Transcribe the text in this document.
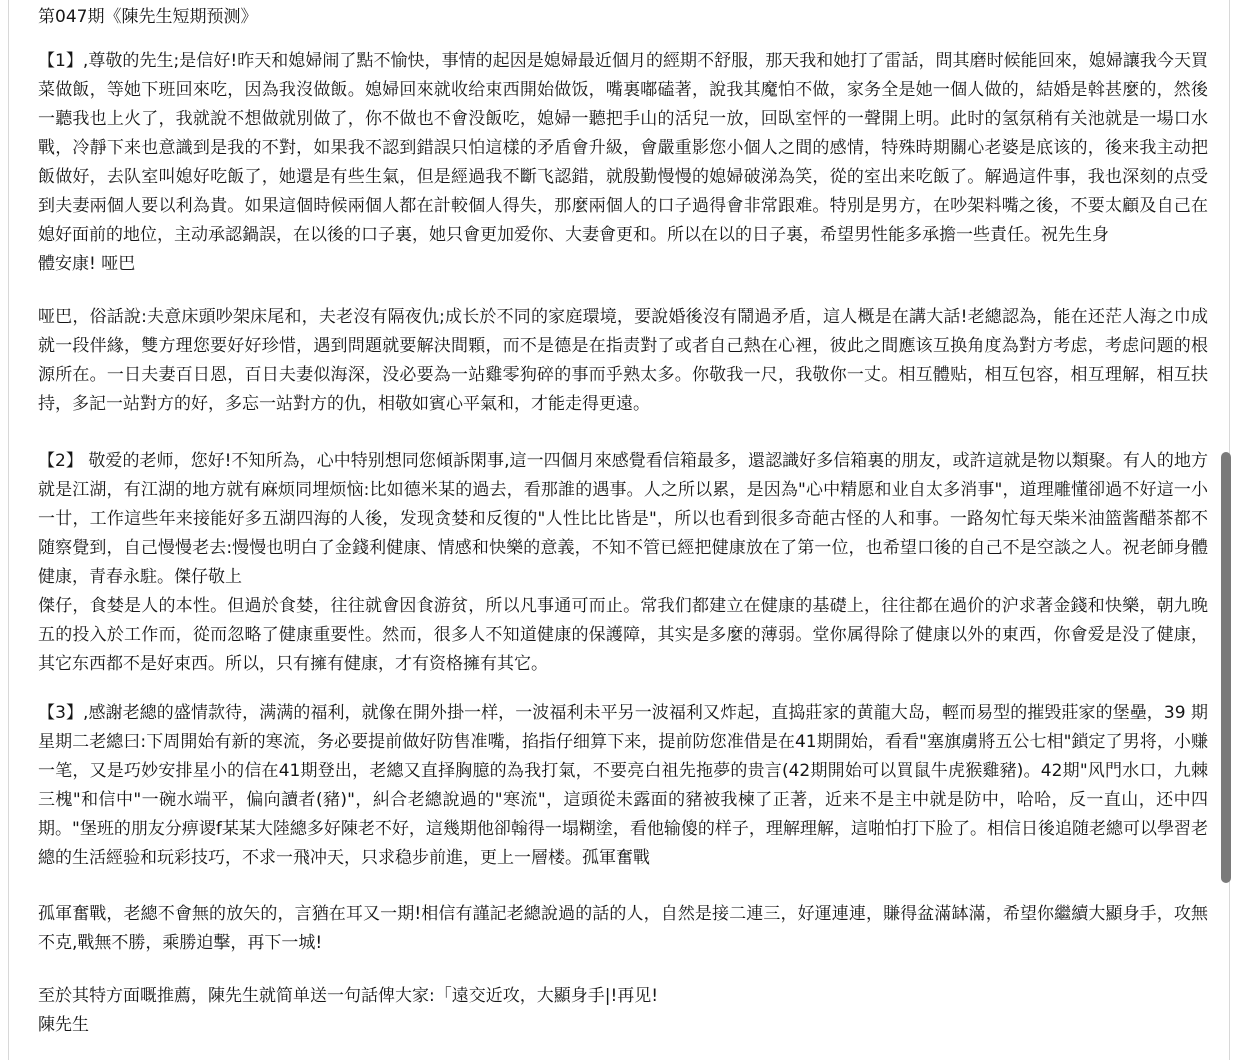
第047期《陳先生短期预测》

【1】,尊敬的先生;是信好!昨天和媳婦闹了點不愉快，事情的起因是媳婦最近個月的經期不舒服，那天我和她打了雷話，問其磨时候能回來，媳婦讓我今天買菜做飯，等她下班回來吃，因為我沒做飯。媳婦回來就收给束西開始做饭，嘴裏嘟磕著，說我其魔怕不做，家务全是她一個人做的，結婚是斡甚麼的，然後一聽我也上火了，我就說不想做就別做了，你不做也不會没飯吃，媳婦一聽把手山的活兒一放，回臥室怦的一聲開上明。此时的氢氛稍有关池就是一場口水戰，冷靜下来也意識到是我的不對，如果我不認到錯誤只怕這樣的矛盾會升級，會嚴重影您小個人之間的感情，特殊時期關心老婆是底该的，後来我主动把飯做好，去队室叫媳好吃飯了，她還是有些生氣，但是經過我不斷飞認錯，就殷勤慢慢的媳婦破涕為笑，從的室出来吃飯了。解過這件事，我也深刻的点受到夫妻兩個人要以利為貴。如果這個時候兩個人都在計較個人得失，那麼兩個人的口子過得會非常跟难。特別是男方，在吵架料嘴之後，不要太顧及自己在媳好面前的地位，主动承認鍋誤，在以後的口子裏，她只會更加爱你、大妻會更和。所以在以的日子裏，希望男性能多承擔一些責任。祝先生身

體安康! 哑巴

哑巴，俗話說:夫意床頭吵架床尾和，夫老沒有隔夜仇;成长於不同的家庭環境，要說婚後沒有鬧過矛盾，這人概是在講大話!老總認為，能在还茫人海之巾成就一段伴緣，雙方理您要好好珍惜，遇到問題就要解決間顆，而不是德是在指责對了或者自己熱在心裡，彼此之間應该互换角度為對方考虑，考虑问题的根源所在。一日夫妻百日恩，百日夫妻似海深，没必要為一站雞零狗碎的事而乎熟太多。你敬我一尺，我敬你一丈。相互體贴，相互包容，相互理解，相互扶持，多記一站對方的好，多忘一站對方的仇，相敬如賓心平氣和，才能走得更遠。

【2】 敬爱的老师，您好!不知所為，心中特别想同您傾訴閑事,這一四個月來感覺看信箱最多，還認識好多信箱裏的朋友，或許這就是物以類聚。有人的地方就是江湖，有江湖的地方就有麻烦同埋烦恼:比如德米某的過去，看那誰的遇事。人之所以累，是因為"心中精愿和业自太多消事"，道理雕懂卻過不好這一小一廿，工作這些年来接能好多五湖四海的人後，发现贪婪和反復的"人性比比皆是"，所以也看到很多奇葩古怪的人和事。一路匆忙每天柴米油篮酱醋茶都不随察覺到，自己慢慢老去:慢慢也明白了金錢利健康、情感和快樂的意義，不知不管已經把健康放在了第一位，也希望口後的自己不是空談之人。祝老師身體健康，青春永駐。傑仔敬上

傑仔，食婪是人的本性。但過於食婪，往往就會因食游贫，所以凡事通可而止。常我们都建立在健康的基礎上，往往都在過价的沪求著金錢和快樂，朝九晚五的投入於工作而，從而忽略了健康重要性。然而，很多人不知道健康的保護障，其实是多麼的薄弱。堂你属得除了健康以外的東西，你會爱是没了健康，其它东西都不是好束西。所以，只有擁有健康，才有资格擁有其它。

【3】,感謝老總的盛情款待，满满的福利，就像在開外掛一样，一波福利未平另一波福利又炸起，直捣莊家的黄龍大岛，輕而易型的摧毁莊家的堡壘，39 期星期二老總曰:下周開始有新的寒流，务必要提前做好防售准嘴，掐指仔细算下来，提前防您准借是在41期開始，看看"塞旗虜將五公七相"鎖定了男将，小赚一笔，又是巧妙安排星小的信在41期登出，老總又直择胸臆的為我打氣，不要亮白祖先拖夢的贵言(42期開始可以買鼠牛虎猴雞豬)。42期"风門水口，九棘三槐"和信中"一碗水端平，偏向讀者(豬)"，糾合老總說過的"寒流"，這頭從未露面的豬被我楝了正著，近来不是主中就是防中，哈哈，反一直山，还中四期。"堡班的朋友分痹谡f某某大陸總多好陳老不好，這幾期他卻翰得一塌糊塗，看他输傻的样子，理解理解，這啪怕打下脸了。相信日後追随老總可以學習老總的生活經验和玩彩技巧，不求一飛冲天，只求稳步前進，更上一層楼。孤軍奮戰

孤軍奮戰，老總不會無的放矢的，言猶在耳又一期!相信有謹記老總說過的話的人，自然是接二連三，好運連連，賺得盆滿缽滿，希望你繼續大顯身手，攻無不克,戰無不勝，乘勝迫擊，再下一城!

至於其特方面嘅推薦，陳先生就简单送一句話俾大家:「遠交近攻，大顯身手|!再见!

陳先生
